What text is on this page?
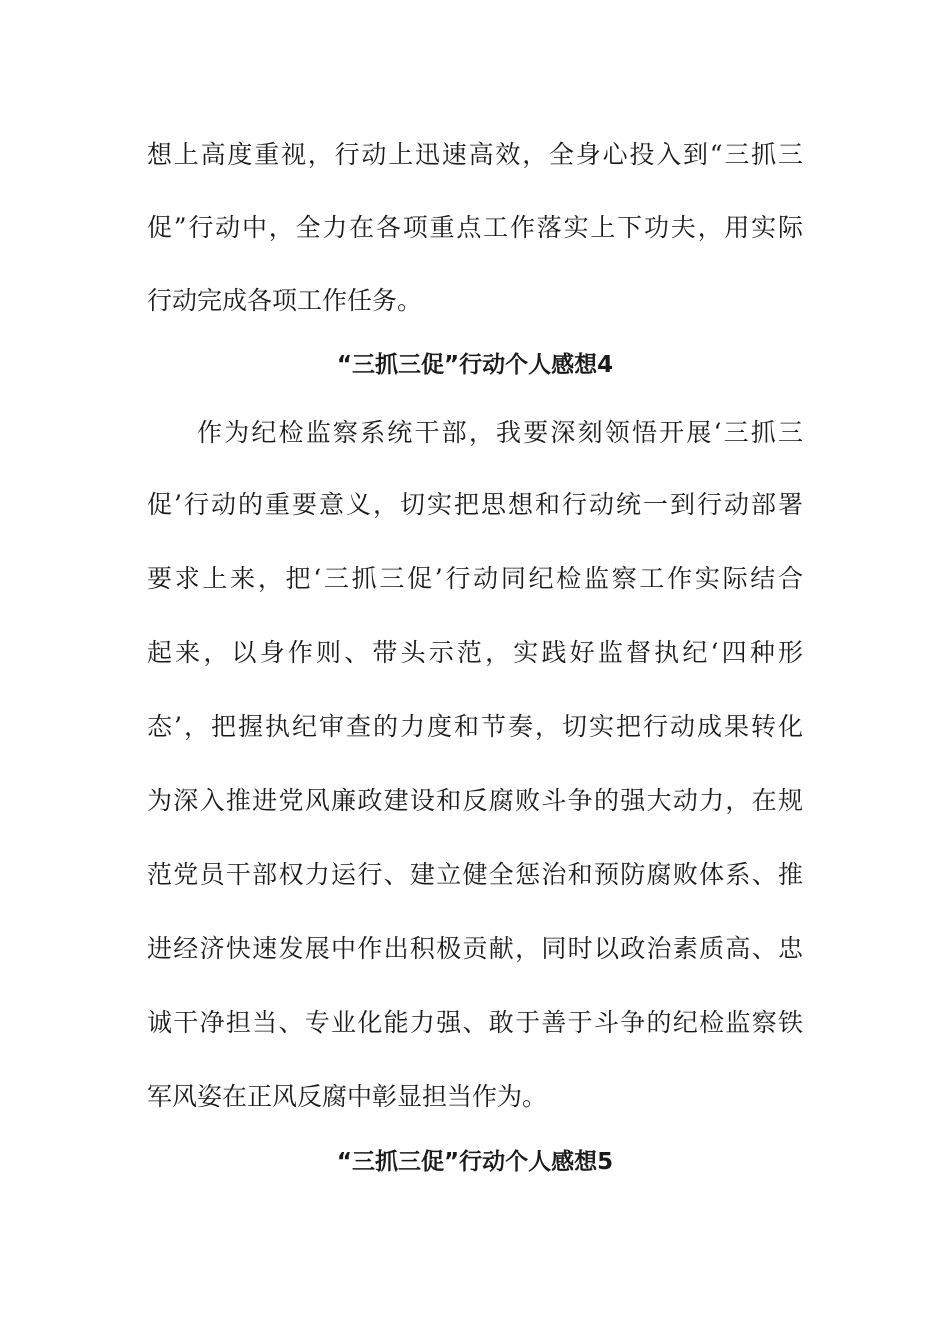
想上高度重视，行动上迅速高效，全身心投入到“三抓三
促”行动中，全力在各项重点工作落实上下功夫，用实际
行动完成各项工作任务。
“三抓三促”行动个人感想4
作为纪检监察系统干部，我要深刻领悟开展‘三抓三
促’行动的重要意义，切实把思想和行动统一到行动部署
要求上来，把‘三抓三促’行动同纪检监察工作实际结合
起来，以身作则、带头示范，实践好监督执纪‘四种形
态’，把握执纪审查的力度和节奏，切实把行动成果转化
为深入推进党风廉政建设和反腐败斗争的强大动力，在规
范党员干部权力运行、建立健全惩治和预防腐败体系、推
进经济快速发展中作出积极贡献，同时以政治素质高、忠
诚干净担当、专业化能力强、敢于善于斗争的纪检监察铁
军风姿在正风反腐中彰显担当作为。
“三抓三促”行动个人感想5
